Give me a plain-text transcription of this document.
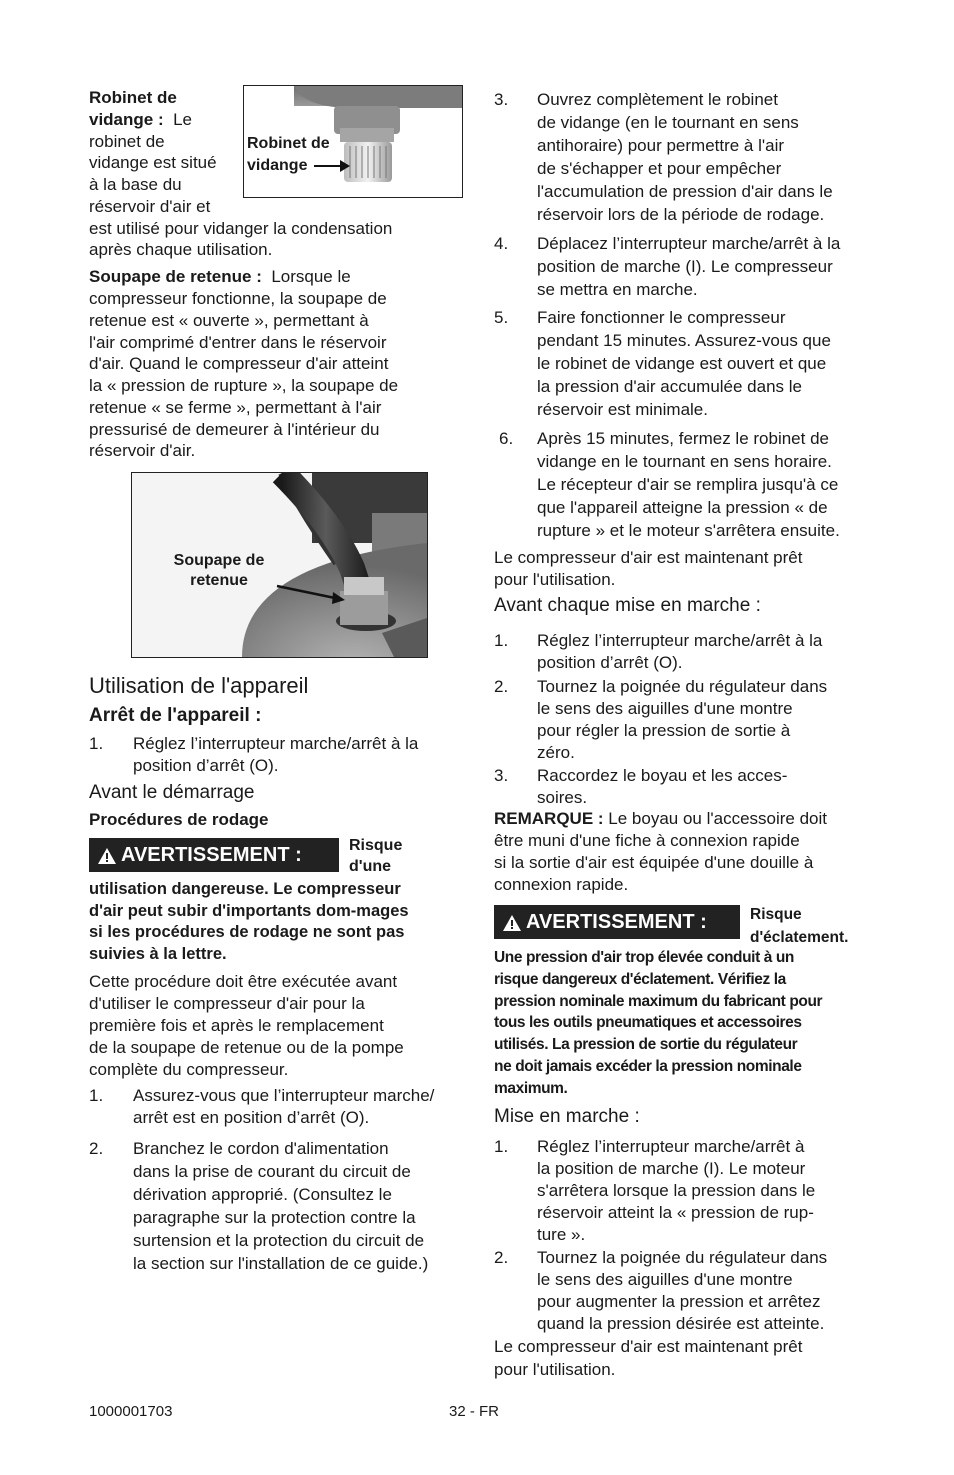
Robinet de
vidange : Le
robinet de
vidange est situé
à la base du
réservoir d'air et
est utilisé pour vidanger la condensation
après chaque utilisation.
Robinet de
vidange
Soupape de retenue : Lorsque le
compresseur fonctionne, la soupape de
retenue est « ouverte », permettant à
l'air comprimé d'entrer dans le réservoir
d'air. Quand le compresseur d'air atteint
la « pression de rupture », la soupape de
retenue « se ferme », permettant à l'air
pressurisé de demeurer à l'intérieur du
réservoir d'air.
Soupape de
retenue
Utilisation de l'appareil
Arrêt de l'appareil :
1. Réglez l’interrupteur marche/arrêt à la
position d’arrêt (O).
Avant le démarrage
Procédures de rodage
AVERTISSEMENT :	Risque
d'une
utilisation dangereuse. Le compresseur
d'air peut subir d'importants dom-mages
si les procédures de rodage ne sont pas
suivies à la lettre.
Cette procédure doit être exécutée avant
d'utiliser le compresseur d'air pour la
première fois et après le remplacement
de la soupape de retenue ou de la pompe
complète du compresseur.
1. Assurez-vous que l’interrupteur marche/
arrêt est en position d’arrêt (O).
2. Branchez le cordon d'alimentation
dans la prise de courant du circuit de
dérivation approprié. (Consultez le
paragraphe sur la protection contre la
surtension et la protection du circuit de
la section sur l'installation de ce guide.)
3. Ouvrez complètement le robinet
de vidange (en le tournant en sens
antihoraire) pour permettre à l'air
de s'échapper et pour empêcher
l'accumulation de pression d'air dans le
réservoir lors de la période de rodage.
4. Déplacez l’interrupteur marche/arrêt à la
position de marche (I). Le compresseur
se mettra en marche.
5. Faire fonctionner le compresseur
pendant 15 minutes. Assurez-vous que
le robinet de vidange est ouvert et que
la pression d'air accumulée dans le
réservoir est minimale.
6. Après 15 minutes, fermez le robinet de
vidange en le tournant en sens horaire.
Le récepteur d'air se remplira jusqu'à ce
que l'appareil atteigne la pression « de
rupture » et le moteur s'arrêtera ensuite.
Le compresseur d'air est maintenant prêt
pour l'utilisation.
Avant chaque mise en marche :
1. Réglez l’interrupteur marche/arrêt à la
position d’arrêt (O).
2. Tournez la poignée du régulateur dans
le sens des aiguilles d'une montre
pour régler la pression de sortie à
zéro.
3. Raccordez le boyau et les acces-
soires.
REMARQUE : Le boyau ou l'accessoire doit
être muni d'une fiche à connexion rapide
si la sortie d'air est équipée d'une douille à
connexion rapide.
AVERTISSEMENT :	Risque
d'éclatement.
Une pression d'air trop élevée conduit à un
risque dangereux d'éclatement. Vérifiez la
pression nominale maximum du fabricant pour
tous les outils pneumatiques et accessoires
utilisés. La pression de sortie du régulateur
ne doit jamais excéder la pression nominale
maximum.
Mise en marche :
1. Réglez l’interrupteur marche/arrêt à
la position de marche (I). Le moteur
s'arrêtera lorsque la pression dans le
réservoir atteint la « pression de rup-
ture ».
2. Tournez la poignée du régulateur dans
le sens des aiguilles d'une montre
pour augmenter la pression et arrêtez
quand la pression désirée est atteinte.
Le compresseur d'air est maintenant prêt
pour l'utilisation.
1000001703	32 - FR
